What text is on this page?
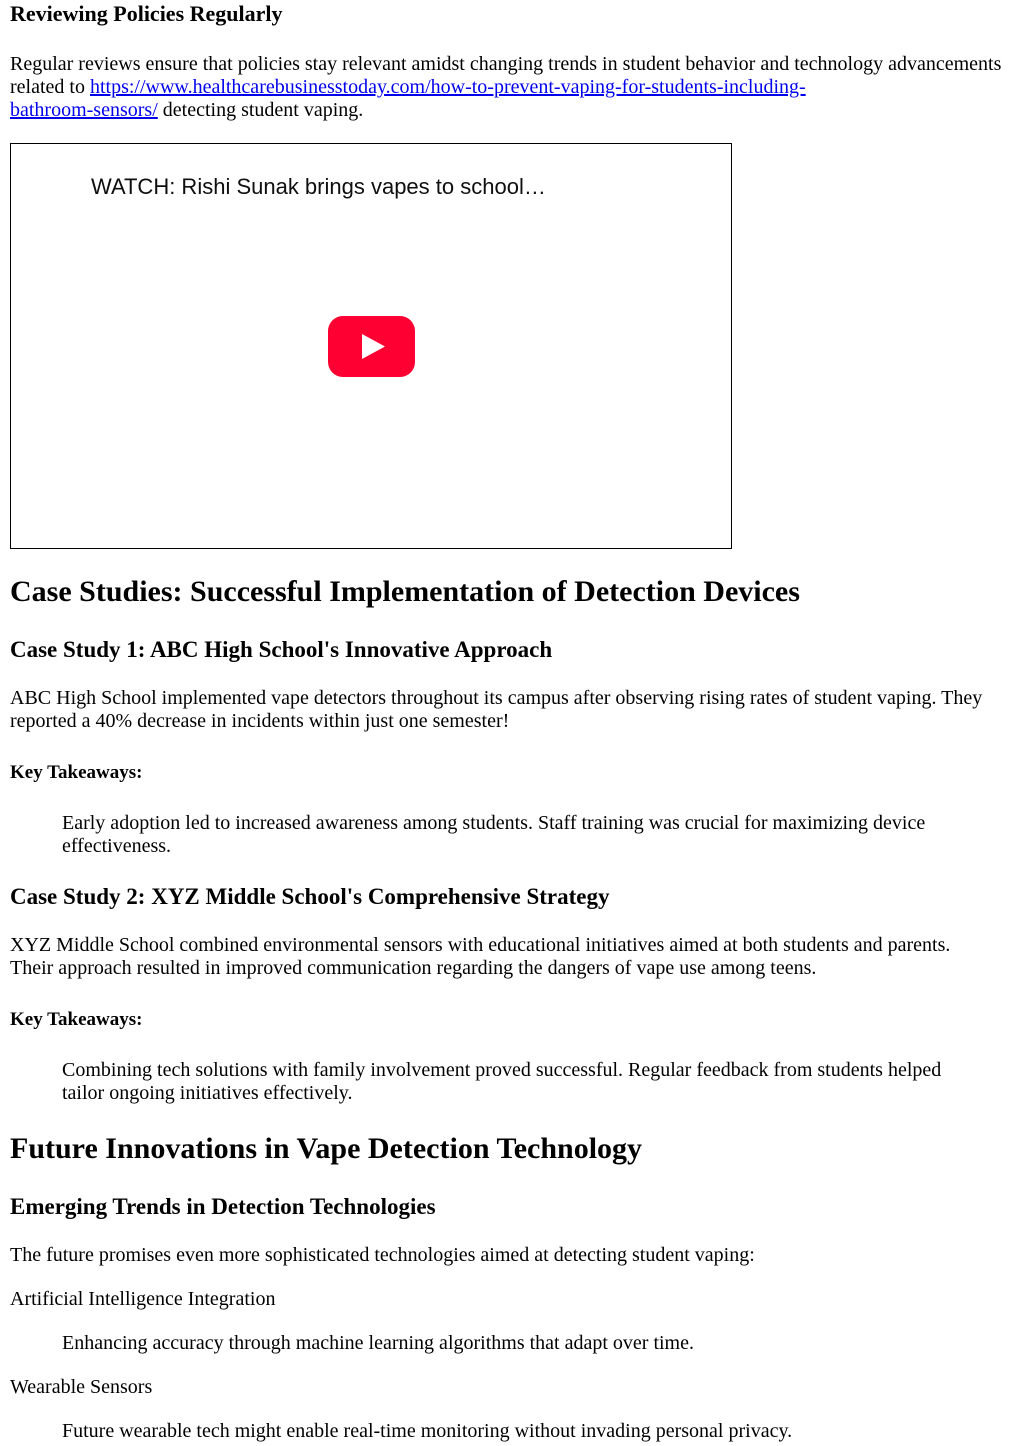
Reviewing Policies Regularly

Regular reviews ensure that policies stay relevant amidst changing trends in student behavior and technology advancements related to https://www.healthcarebusinesstoday.com/how-to-prevent-vaping-for-students-including-
bathroom-sensors/ detecting student vaping.

WATCH: Rishi Sunak brings vapes to school…
Case Studies: Successful Implementation of Detection Devices
Case Study 1: ABC High School's Innovative Approach

ABC High School implemented vape detectors throughout its campus after observing rising rates of student vaping. They
reported a 40% decrease in incidents within just one semester!

Key Takeaways:

Early adoption led to increased awareness among students. Staff training was crucial for maximizing device
effectiveness.

Case Study 2: XYZ Middle School's Comprehensive Strategy

XYZ Middle School combined environmental sensors with educational initiatives aimed at both students and parents.
Their approach resulted in improved communication regarding the dangers of vape use among teens.

Key Takeaways:

Combining tech solutions with family involvement proved successful. Regular feedback from students helped
tailor ongoing initiatives effectively.

Future Innovations in Vape Detection Technology
Emerging Trends in Detection Technologies

The future promises even more sophisticated technologies aimed at detecting student vaping:

Artificial Intelligence Integration

Enhancing accuracy through machine learning algorithms that adapt over time.

Wearable Sensors

Future wearable tech might enable real-time monitoring without invading personal privacy.
